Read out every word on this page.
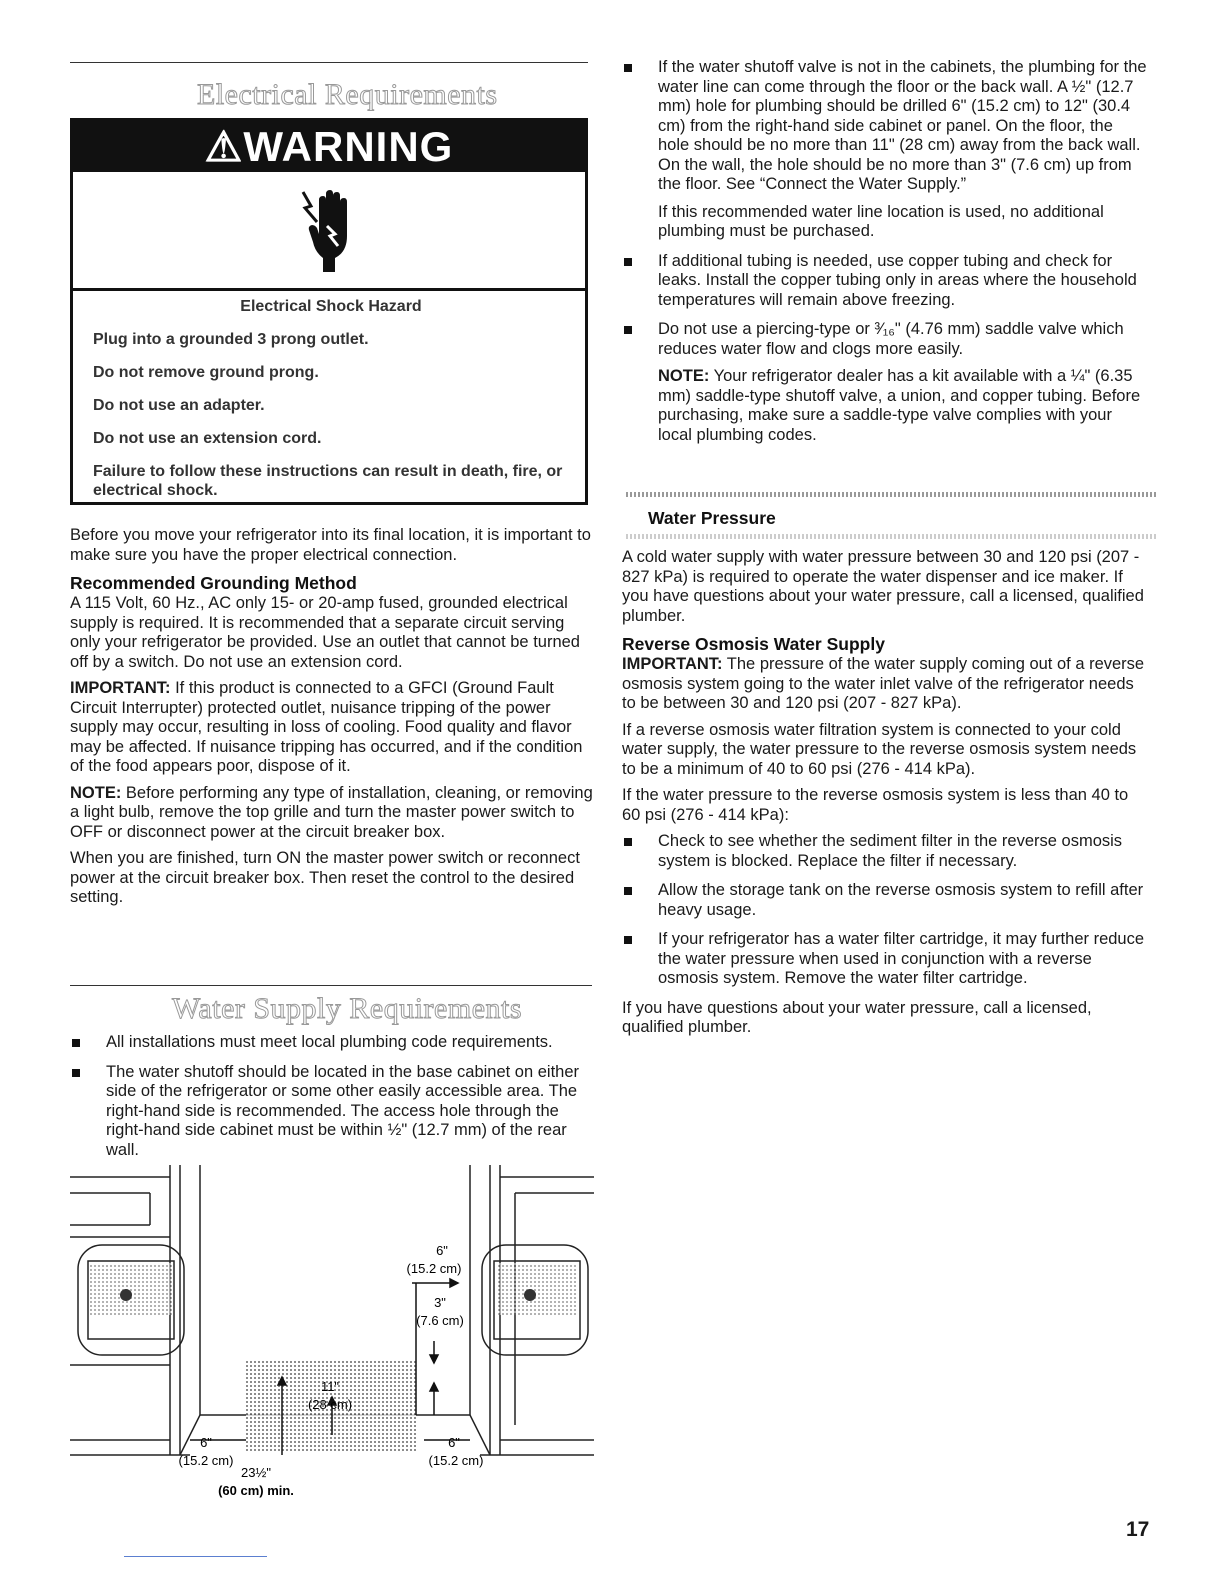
Electrical Requirements
⚠WARNING

Electrical Shock Hazard

Plug into a grounded 3 prong outlet.

Do not remove ground prong.

Do not use an adapter.

Do not use an extension cord.

Failure to follow these instructions can result in death, fire, or electrical shock.

Before you move your refrigerator into its final location, it is important to make sure you have the proper electrical connection.

Recommended Grounding Method

A 115 Volt, 60 Hz., AC only 15- or 20-amp fused, grounded electrical supply is required. It is recommended that a separate circuit serving only your refrigerator be provided. Use an outlet that cannot be turned off by a switch. Do not use an extension cord.

IMPORTANT: If this product is connected to a GFCI (Ground Fault Circuit Interrupter) protected outlet, nuisance tripping of the power supply may occur, resulting in loss of cooling. Food quality and flavor may be affected. If nuisance tripping has occurred, and if the condition of the food appears poor, dispose of it.

NOTE: Before performing any type of installation, cleaning, or removing a light bulb, remove the top grille and turn the master power switch to OFF or disconnect power at the circuit breaker box.

When you are finished, turn ON the master power switch or reconnect power at the circuit breaker box. Then reset the control to the desired setting.

Water Supply Requirements
All installations must meet local plumbing code requirements.
The water shutoff should be located in the base cabinet on either side of the refrigerator or some other easily accessible area. The right-hand side is recommended. The access hole through the right-hand side cabinet must be within ½" (12.7 mm) of the rear wall.
6"
(15.2 cm)
3"
(7.6 cm)
11"
(28 cm)
6"
(15.2 cm)
6"
(15.2 cm)
23½"
(60 cm) min.
If the water shutoff valve is not in the cabinets, the plumbing for the water line can come through the floor or the back wall. A ½" (12.7 mm) hole for plumbing should be drilled 6" (15.2 cm) to 12" (30.4 cm) from the right-hand side cabinet or panel. On the floor, the hole should be no more than 11" (28 cm) away from the back wall. On the wall, the hole should be no more than 3" (7.6 cm) up from the floor. See “Connect the Water Supply.”

If this recommended water line location is used, no additional plumbing must be purchased.

If additional tubing is needed, use copper tubing and check for leaks. Install the copper tubing only in areas where the household temperatures will remain above freezing.
Do not use a piercing-type or ³⁄₁₆" (4.76 mm) saddle valve which reduces water flow and clogs more easily.

NOTE: Your refrigerator dealer has a kit available with a ¼" (6.35 mm) saddle-type shutoff valve, a union, and copper tubing. Before purchasing, make sure a saddle-type valve complies with your local plumbing codes.

Water Pressure

A cold water supply with water pressure between 30 and 120 psi (207 - 827 kPa) is required to operate the water dispenser and ice maker. If you have questions about your water pressure, call a licensed, qualified plumber.

Reverse Osmosis Water Supply

IMPORTANT: The pressure of the water supply coming out of a reverse osmosis system going to the water inlet valve of the refrigerator needs to be between 30 and 120 psi (207 - 827 kPa).

If a reverse osmosis water filtration system is connected to your cold water supply, the water pressure to the reverse osmosis system needs to be a minimum of 40 to 60 psi (276 - 414 kPa).

If the water pressure to the reverse osmosis system is less than 40 to 60 psi (276 - 414 kPa):

Check to see whether the sediment filter in the reverse osmosis system is blocked. Replace the filter if necessary.
Allow the storage tank on the reverse osmosis system to refill after heavy usage.
If your refrigerator has a water filter cartridge, it may further reduce the water pressure when used in conjunction with a reverse osmosis system. Remove the water filter cartridge.

If you have questions about your water pressure, call a licensed, qualified plumber.

17
